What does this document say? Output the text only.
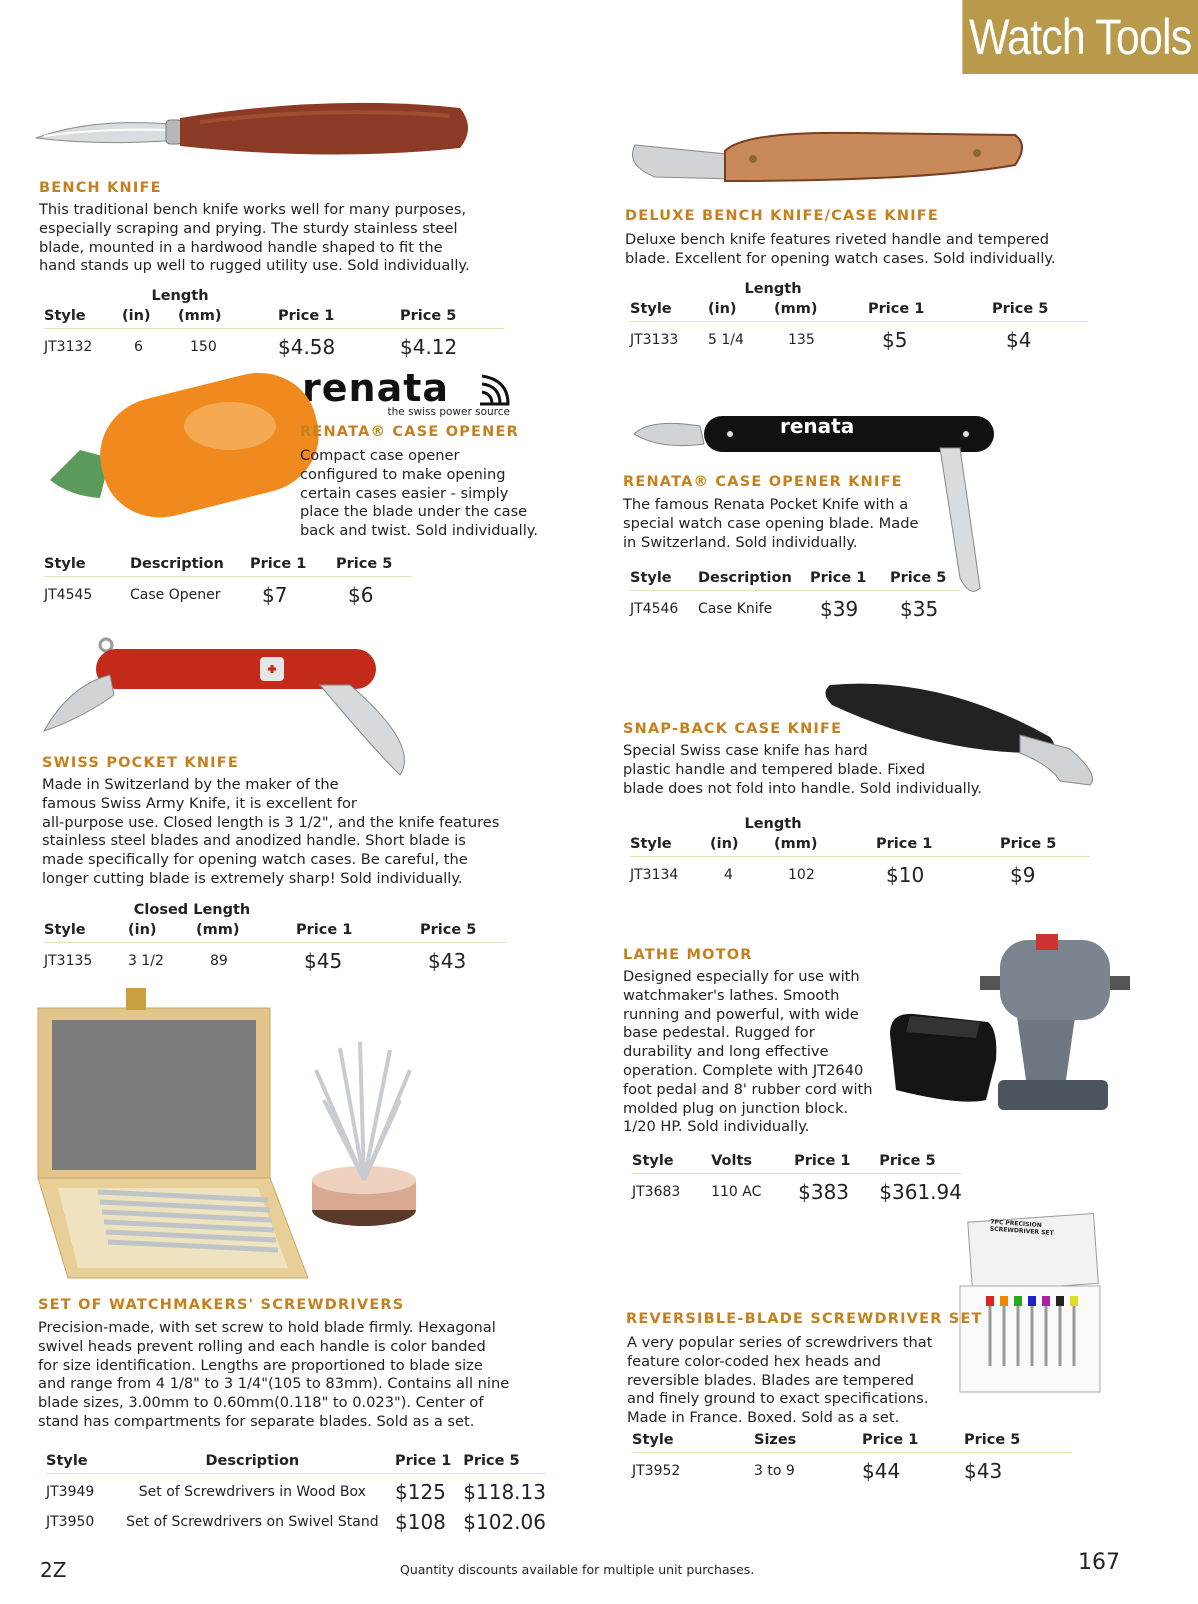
Watch Tools
BENCH KNIFE
This traditional bench knife works well for many purposes,
especially scraping and prying. The sturdy stainless steel
blade, mounted in a hardwood handle shaped to fit the
hand stands up well to rugged utility use. Sold individually.
	Length			
Style	(in)	(mm)	Price 1	Price 5
JT3132	6	150	$4.58	$4.12
DELUXE BENCH KNIFE/CASE KNIFE
Deluxe bench knife features riveted handle and tempered
blade. Excellent for opening watch cases. Sold individually.
	Length			
Style	(in)	(mm)	Price 1	Price 5
JT3133	5 1/4	135	$5	$4
renata
the swiss power source
RENATA® CASE OPENER
Compact case opener
configured to make opening
certain cases easier - simply
place the blade under the case
back and twist. Sold individually.
Style	Description	Price 1	Price 5
JT4545	Case Opener	$7	$6
renata
RENATA® CASE OPENER KNIFE
The famous Renata Pocket Knife with a
special watch case opening blade. Made
in Switzerland. Sold individually.
Style	Description	Price 1	Price 5
JT4546	Case Knife	$39	$35
SWISS POCKET KNIFE
Made in Switzerland by the maker of the
famous Swiss Army Knife, it is excellent for
all-purpose use. Closed length is 3 1/2", and the knife features
stainless steel blades and anodized handle. Short blade is
made specifically for opening watch cases. Be careful, the
longer cutting blade is extremely sharp! Sold individually.
	Closed Length			
Style	(in)	(mm)	Price 1	Price 5
JT3135	3 1/2	89	$45	$43
SNAP-BACK CASE KNIFE
Special Swiss case knife has hard
plastic handle and tempered blade. Fixed
blade does not fold into handle. Sold individually.
	Length			
Style	(in)	(mm)	Price 1	Price 5
JT3134	4	102	$10	$9
LATHE MOTOR
Designed especially for use with
watchmaker's lathes. Smooth
running and powerful, with wide
base pedestal. Rugged for
durability and long effective
operation. Complete with JT2640
foot pedal and 8' rubber cord with
molded plug on junction block.
1/20 HP. Sold individually.
Style	Volts	Price 1	Price 5
JT3683	110 AC	$383	$361.94
SET OF WATCHMAKERS' SCREWDRIVERS
Precision-made, with set screw to hold blade firmly. Hexagonal
swivel heads prevent rolling and each handle is color banded
for size identification. Lengths are proportioned to blade size
and range from 4 1/8" to 3 1/4"(105 to 83mm). Contains all nine
blade sizes, 3.00mm to 0.60mm(0.118" to 0.023"). Center of
stand has compartments for separate blades. Sold as a set.
Style	Description	Price 1	Price 5
JT3949	Set of Screwdrivers in Wood Box	$125	$118.13
JT3950	Set of Screwdrivers on Swivel Stand	$108	$102.06
7PC PRECISION SCREWDRIVER SET
REVERSIBLE-BLADE SCREWDRIVER SET
A very popular series of screwdrivers that
feature color-coded hex heads and
reversible blades. Blades are tempered
and finely ground to exact specifications.
Made in France. Boxed. Sold as a set.
Style	Sizes	Price 1	Price 5
JT3952	3 to 9	$44	$43
2Z	Quantity discounts available for multiple unit purchases.	167
